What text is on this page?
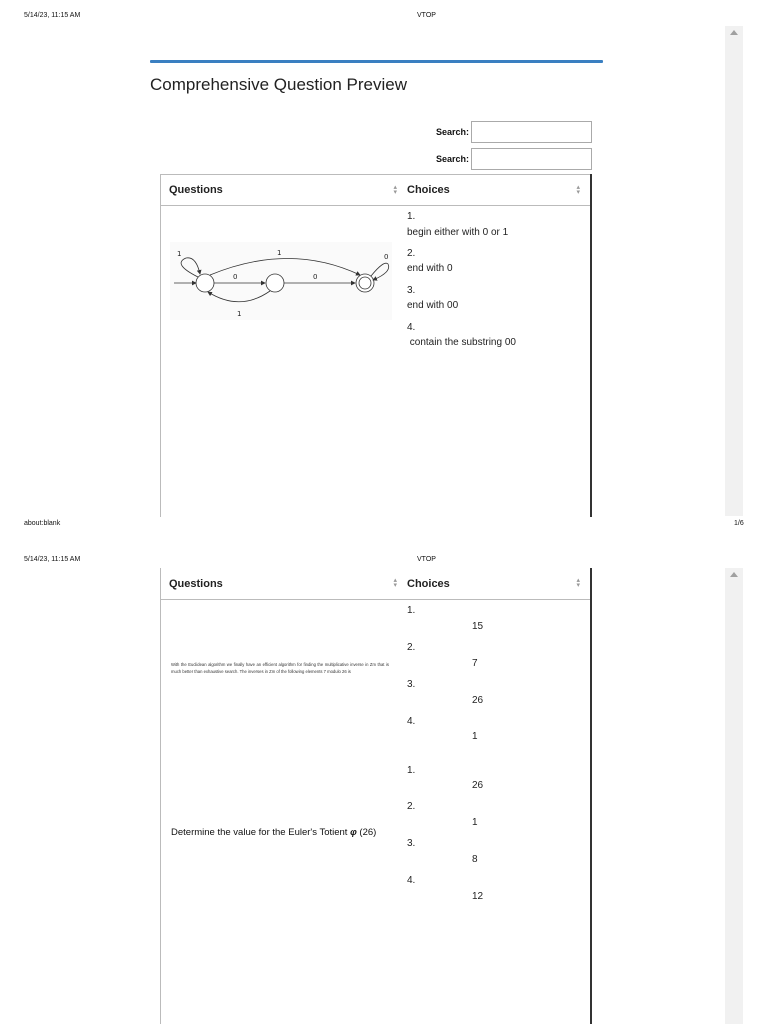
5/14/23, 11:15 AM	VTOP
Comprehensive Question Preview
Search:
Search:
Questions	▴
▾ Choices	▴
▾
1	1	0
0	0
1
1.
begin either with 0 or 1
2.
end with 0
3.
end with 00
4.
contain the substring 00
about:blank	1/6
5/14/23, 11:15 AM	VTOP
Questions	▴
▾ Choices	▴
▾
With the Euclidean algorithm we finally have an efficient algorithm for finding the multiplicative inverse in Zm that is much better than exhaustive search. The inverses in Zm of the following elements 7 modulo 26 is
1.
15
2.
7
3.
26
4.
1
Determine the value for the Euler's Totient φ (26)
1.
26
2.
1
3.
8
4.
12
